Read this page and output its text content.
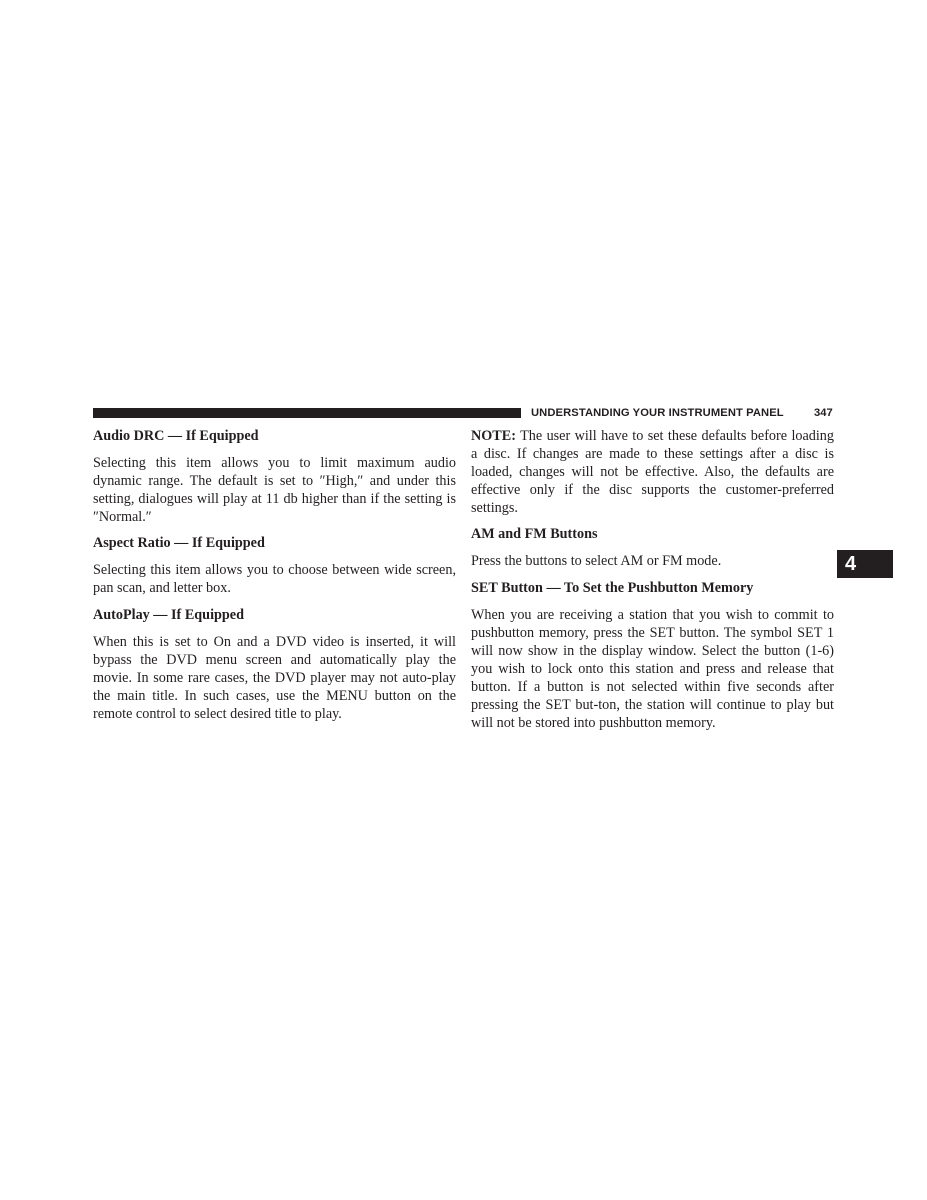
UNDERSTANDING YOUR INSTRUMENT PANEL	347
4

Audio DRC — If Equipped

Selecting this item allows you to limit maximum audio dynamic range. The default is set to ″High,″ and under this setting, dialogues will play at 11 db higher than if the setting is ″Normal.″

Aspect Ratio — If Equipped

Selecting this item allows you to choose between wide screen, pan scan, and letter box.

AutoPlay — If Equipped

When this is set to On and a DVD video is inserted, it will bypass the DVD menu screen and automatically play the movie. In some rare cases, the DVD player may not auto-play the main title. In such cases, use the MENU button on the remote control to select desired title to play.

NOTE: The user will have to set these defaults before loading a disc. If changes are made to these settings after a disc is loaded, changes will not be effective. Also, the defaults are effective only if the disc supports the customer-preferred settings.

AM and FM Buttons

Press the buttons to select AM or FM mode.

SET Button — To Set the Pushbutton Memory

When you are receiving a station that you wish to commit to pushbutton memory, press the SET button. The symbol SET 1 will now show in the display window. Select the button (1-6) you wish to lock onto this station and press and release that button. If a button is not selected within five seconds after pressing the SET but-ton, the station will continue to play but will not be stored into pushbutton memory.
